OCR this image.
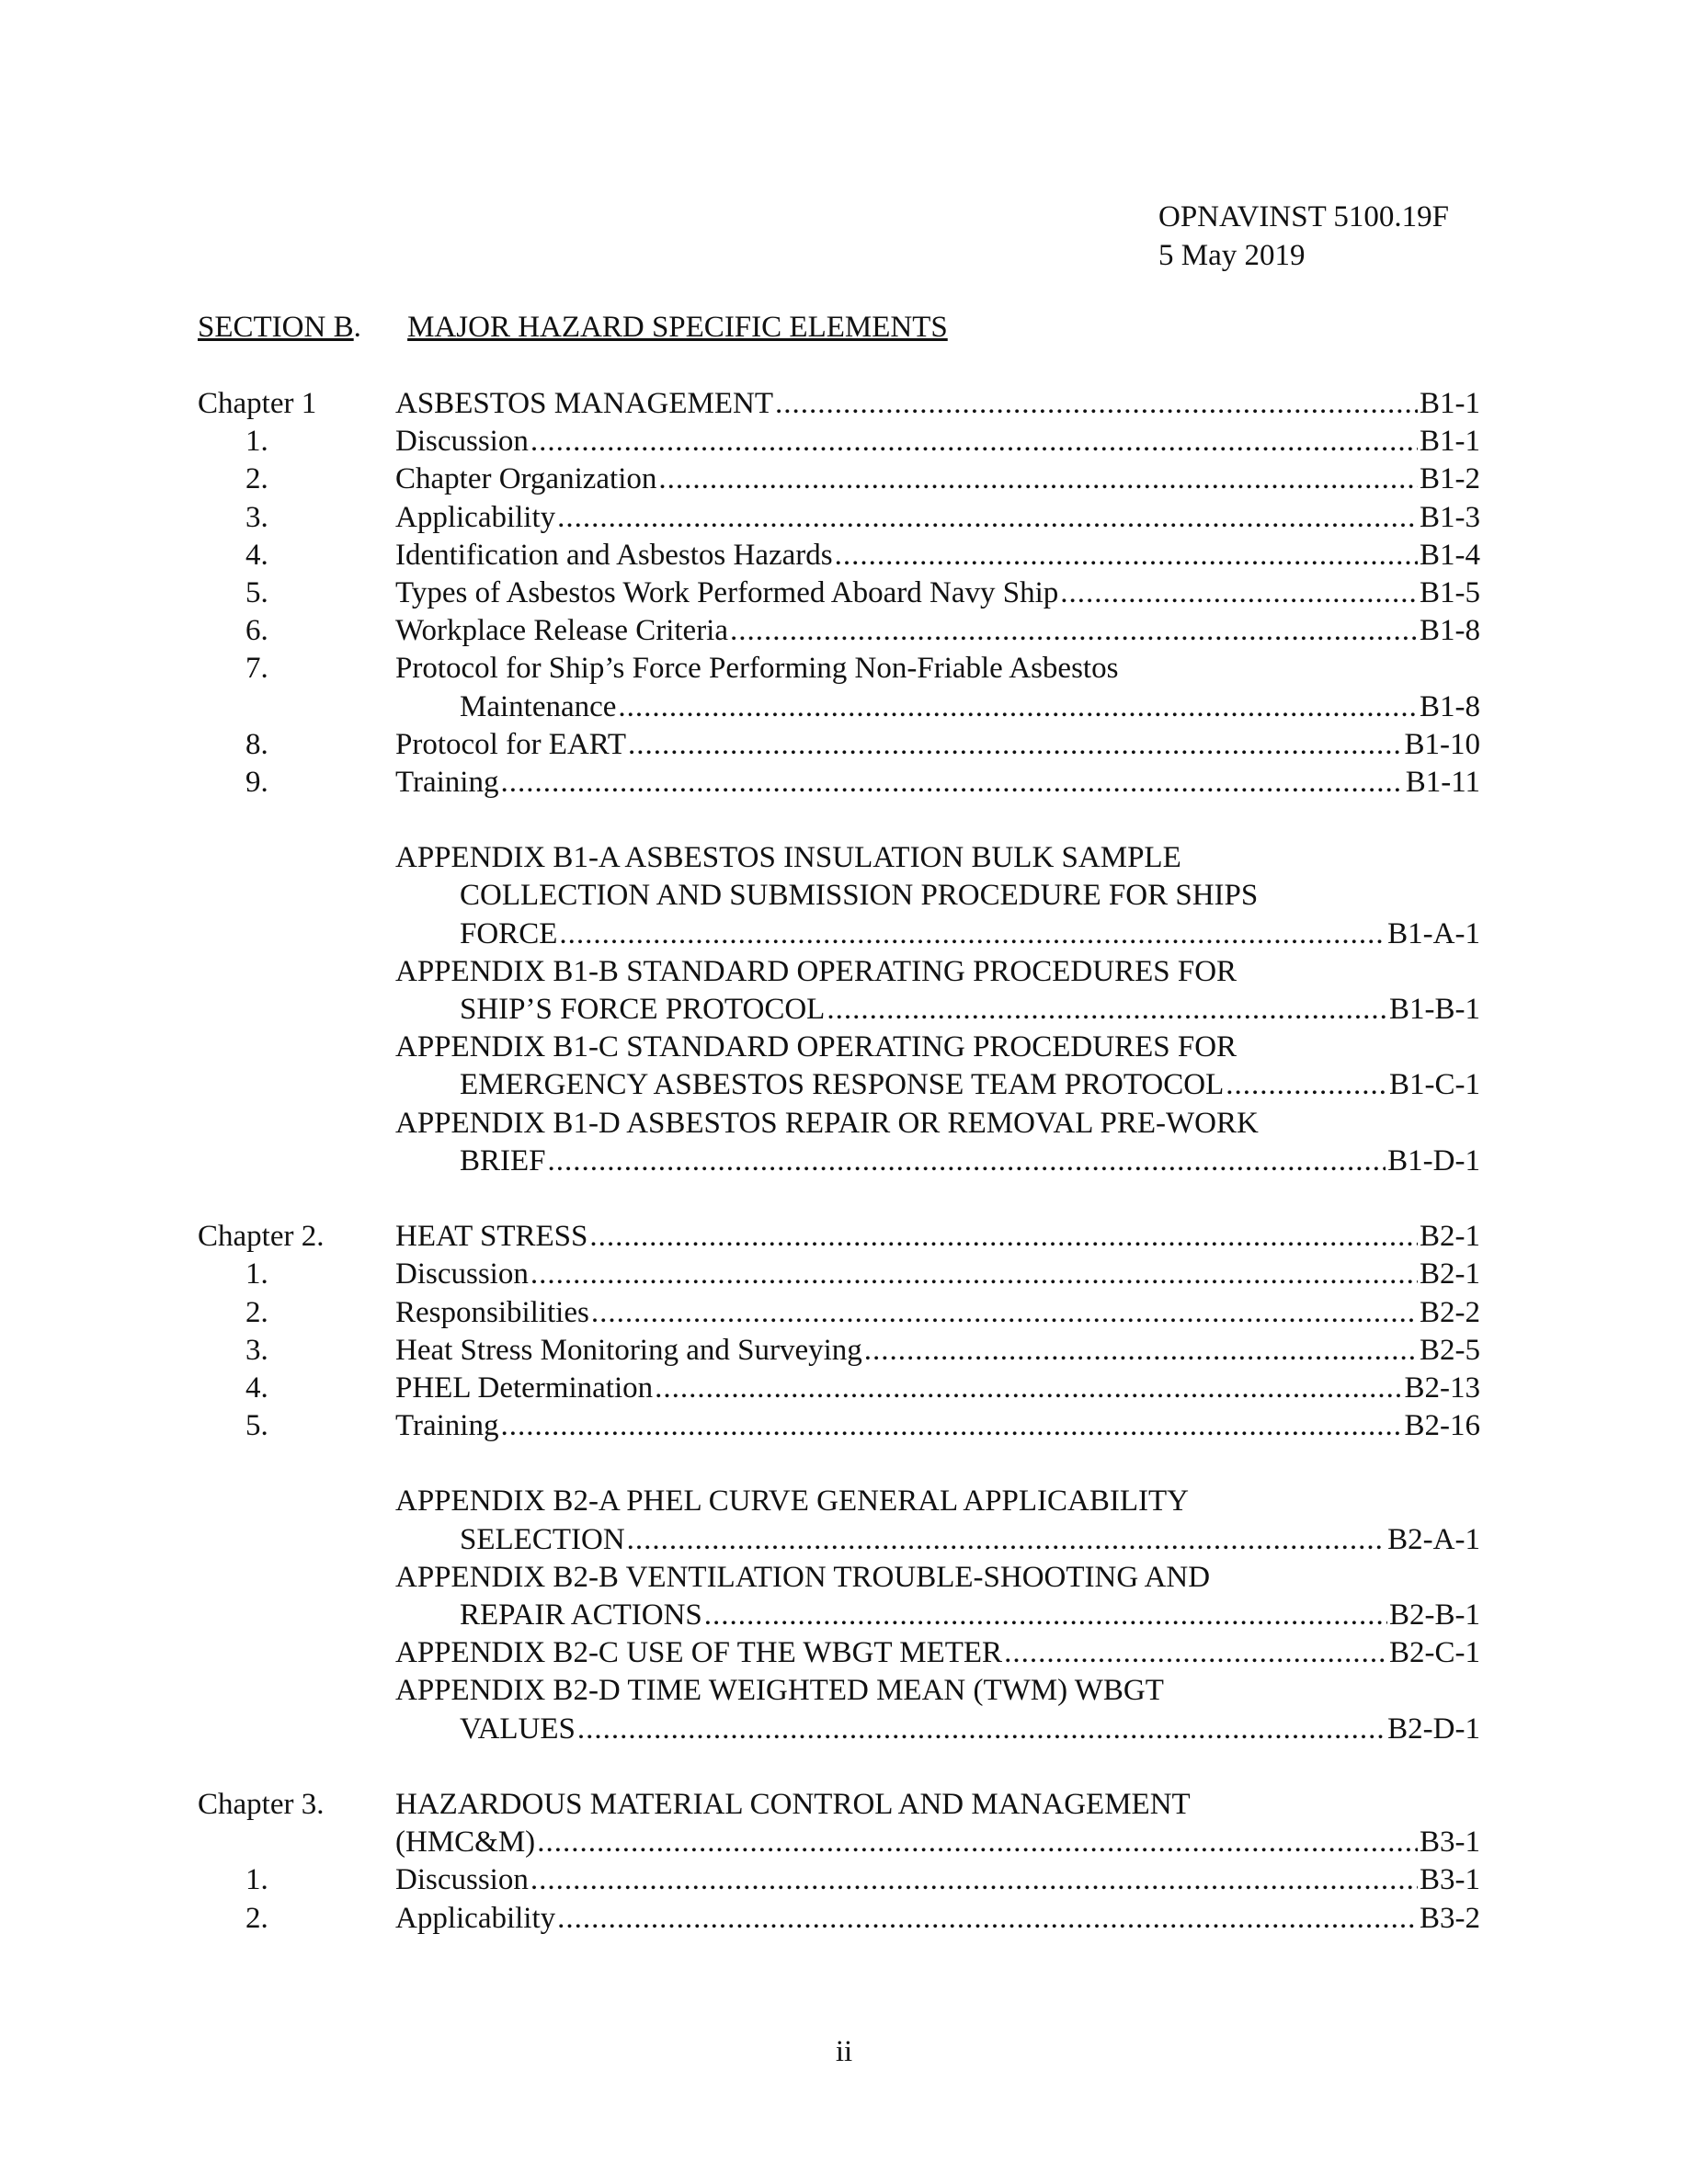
OPNAVINST 5100.19F
5 May 2019
SECTION B. MAJOR HAZARD SPECIFIC ELEMENTS
Chapter 1	ASBESTOS MANAGEMENT .....	B1-1
1.	Discussion .....	B1-1
2.	Chapter Organization .....	B1-2
3.	Applicability .....	B1-3
4.	Identification and Asbestos Hazards .....	B1-4
5.	Types of Asbestos Work Performed Aboard Navy Ship .....	B1-5
6.	Workplace Release Criteria .....	B1-8
7.	Protocol for Ship’s Force Performing Non-Friable Asbestos
Maintenance .....	B1-8
8.	Protocol for EART .....	B1-10
9.	Training .....	B1-11
APPENDIX B1-A ASBESTOS INSULATION BULK SAMPLE
COLLECTION AND SUBMISSION PROCEDURE FOR SHIPS
FORCE .....	B1-A-1
APPENDIX B1-B STANDARD OPERATING PROCEDURES FOR
SHIP’S FORCE PROTOCOL .....	B1-B-1
APPENDIX B1-C STANDARD OPERATING PROCEDURES FOR
EMERGENCY ASBESTOS RESPONSE TEAM PROTOCOL .....	B1-C-1
APPENDIX B1-D ASBESTOS REPAIR OR REMOVAL PRE-WORK
BRIEF .....	B1-D-1
Chapter 2. HEAT STRESS .....	B2-1
1.	Discussion .....	B2-1
2.	Responsibilities .....	B2-2
3.	Heat Stress Monitoring and Surveying .....	B2-5
4.	PHEL Determination .....	B2-13
5.	Training .....	B2-16
APPENDIX B2-A PHEL CURVE GENERAL APPLICABILITY
SELECTION .....	B2-A-1
APPENDIX B2-B VENTILATION TROUBLE-SHOOTING AND
REPAIR ACTIONS .....	B2-B-1
APPENDIX B2-C USE OF THE WBGT METER .....	B2-C-1
APPENDIX B2-D TIME WEIGHTED MEAN (TWM) WBGT
VALUES .....	B2-D-1
Chapter 3. HAZARDOUS MATERIAL CONTROL AND MANAGEMENT
(HMC&M) .....	B3-1
1.	Discussion .....	B3-1
2.	Applicability .....	B3-2
ii
